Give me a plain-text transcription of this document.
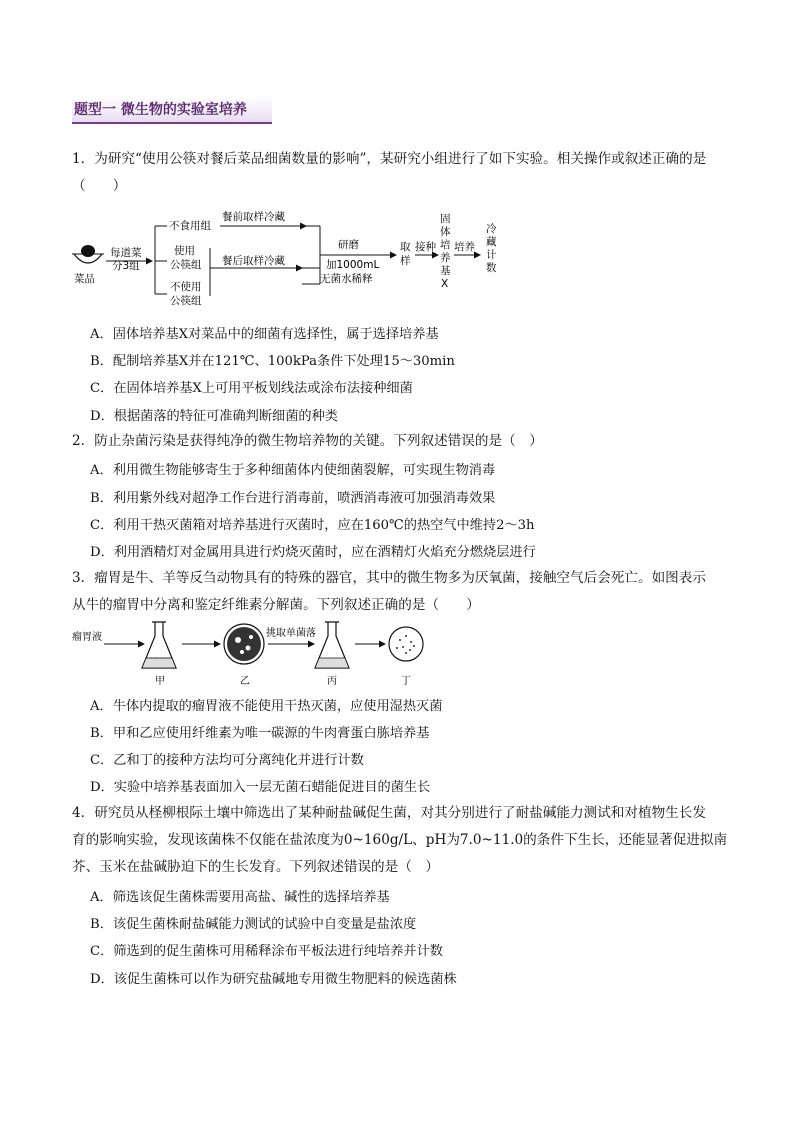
题型一 微生物的实验室培养
1．为研究“使用公筷对餐后菜品细菌数量的影响”，某研究小组进行了如下实验。相关操作或叙述正确的是
（　　）
菜品
每道菜
分3组
不食用组
使用
公筷组
不使用
公筷组
餐前取样冷藏
餐后取样冷藏
研磨
加1000mL
无菌水稀释
取
样
接种
固
体
培
养
基
X
培养
冷
藏
计
数
A．固体培养基X对菜品中的细菌有选择性，属于选择培养基
B．配制培养基X并在121℃、100kPa条件下处理15～30min
C．在固体培养基X上可用平板划线法或涂布法接种细菌
D．根据菌落的特征可准确判断细菌的种类
2．防止杂菌污染是获得纯净的微生物培养物的关键。下列叙述错误的是（　）
A．利用微生物能够寄生于多种细菌体内使细菌裂解，可实现生物消毒
B．利用紫外线对超净工作台进行消毒前，喷洒消毒液可加强消毒效果
C．利用干热灭菌箱对培养基进行灭菌时，应在160℃的热空气中维持2～3h
D．利用酒精灯对金属用具进行灼烧灭菌时，应在酒精灯火焰充分燃烧层进行
3．瘤胃是牛、羊等反刍动物具有的特殊的器官，其中的微生物多为厌氧菌，接触空气后会死亡。如图表示
从牛的瘤胃中分离和鉴定纤维素分解菌。下列叙述正确的是（　　）
瘤胃液	挑取单菌落
甲	乙	丙	丁
A．牛体内提取的瘤胃液不能使用干热灭菌，应使用湿热灭菌
B．甲和乙应使用纤维素为唯一碳源的牛肉膏蛋白胨培养基
C．乙和丁的接种方法均可分离纯化并进行计数
D．实验中培养基表面加入一层无菌石蜡能促进目的菌生长
4．研究员从柽柳根际土壤中筛选出了某种耐盐碱促生菌，对其分别进行了耐盐碱能力测试和对植物生长发
育的影响实验，发现该菌株不仅能在盐浓度为0~160g/L、pH为7.0~11.0的条件下生长，还能显著促进拟南
芥、玉米在盐碱胁迫下的生长发育。下列叙述错误的是（　）
A．筛选该促生菌株需要用高盐、碱性的选择培养基
B．该促生菌株耐盐碱能力测试的试验中自变量是盐浓度
C．筛选到的促生菌株可用稀释涂布平板法进行纯培养并计数
D．该促生菌株可以作为研究盐碱地专用微生物肥料的候选菌株
